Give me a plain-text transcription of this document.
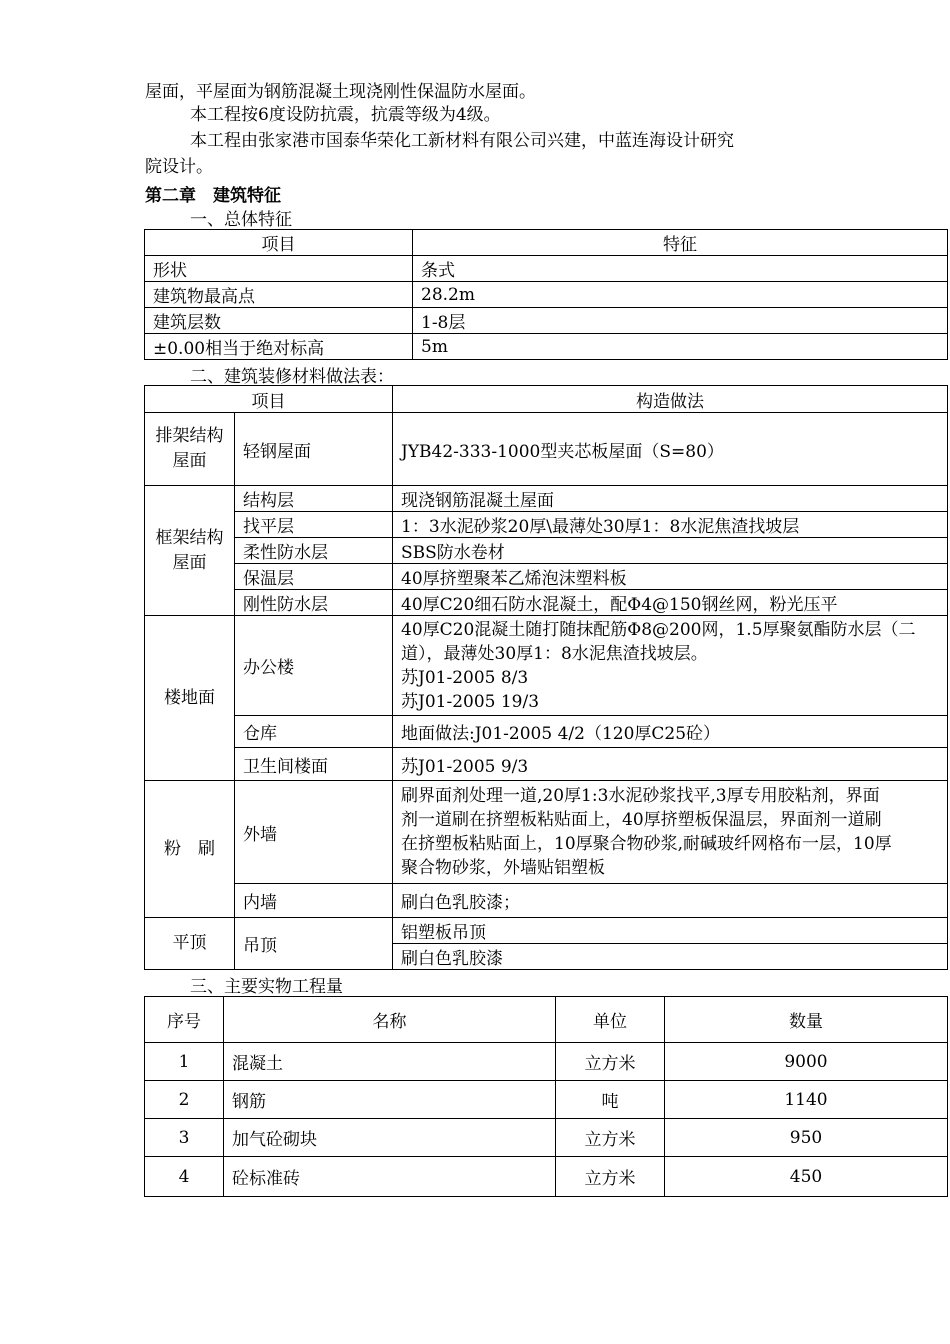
屋面，平屋面为钢筋混凝土现浇刚性保温防水屋面。
本工程按6度设防抗震，抗震等级为4级。
本工程由张家港市国泰华荣化工新材料有限公司兴建，中蓝连海设计研究
院设计。
第二章　建筑特征
一、总体特征
项目	特征
形状	条式
建筑物最高点	28.2m
建筑层数	1-8层
±0.00相当于绝对标高	5m
二、建筑装修材料做法表：
项目		构造做法
排架结构屋面	轻钢屋面	JYB42-333-1000型夹芯板屋面（S=80）
框架结构屋面	结构层	现浇钢筋混凝土屋面
	找平层	1：3水泥砂浆20厚\最薄处30厚1：8水泥焦渣找坡层
	柔性防水层	SBS防水卷材
	保温层	40厚挤塑聚苯乙烯泡沫塑料板
	刚性防水层	40厚C20细石防水混凝土，配Φ4@150钢丝网，粉光压平
楼地面	办公楼	40厚C20混凝土随打随抹配筋Φ8@200网，1.5厚聚氨酯防水层（二
道），最薄处30厚1：8水泥焦渣找坡层。
苏J01-2005 8/3
苏J01-2005 19/3

	仓库	地面做法:J01-2005 4/2（120厚C25砼）
	卫生间楼面	苏J01-2005 9/3
粉　刷	外墙	刷界面剂处理一道,20厚1:3水泥砂浆找平,3厚专用胶粘剂，界面
剂一道刷在挤塑板粘贴面上，40厚挤塑板保温层，界面剂一道刷
在挤塑板粘贴面上，10厚聚合物砂浆,耐碱玻纤网格布一层，10厚
聚合物砂浆，外墙贴铝塑板

	内墙	刷白色乳胶漆；
平顶	吊顶	铝塑板吊顶
		刷白色乳胶漆
三、主要实物工程量
序号	名称	单位	数量
1	混凝土	立方米	9000
2	钢筋	吨	1140
3	加气砼砌块	立方米	950
4	砼标准砖	立方米	450
